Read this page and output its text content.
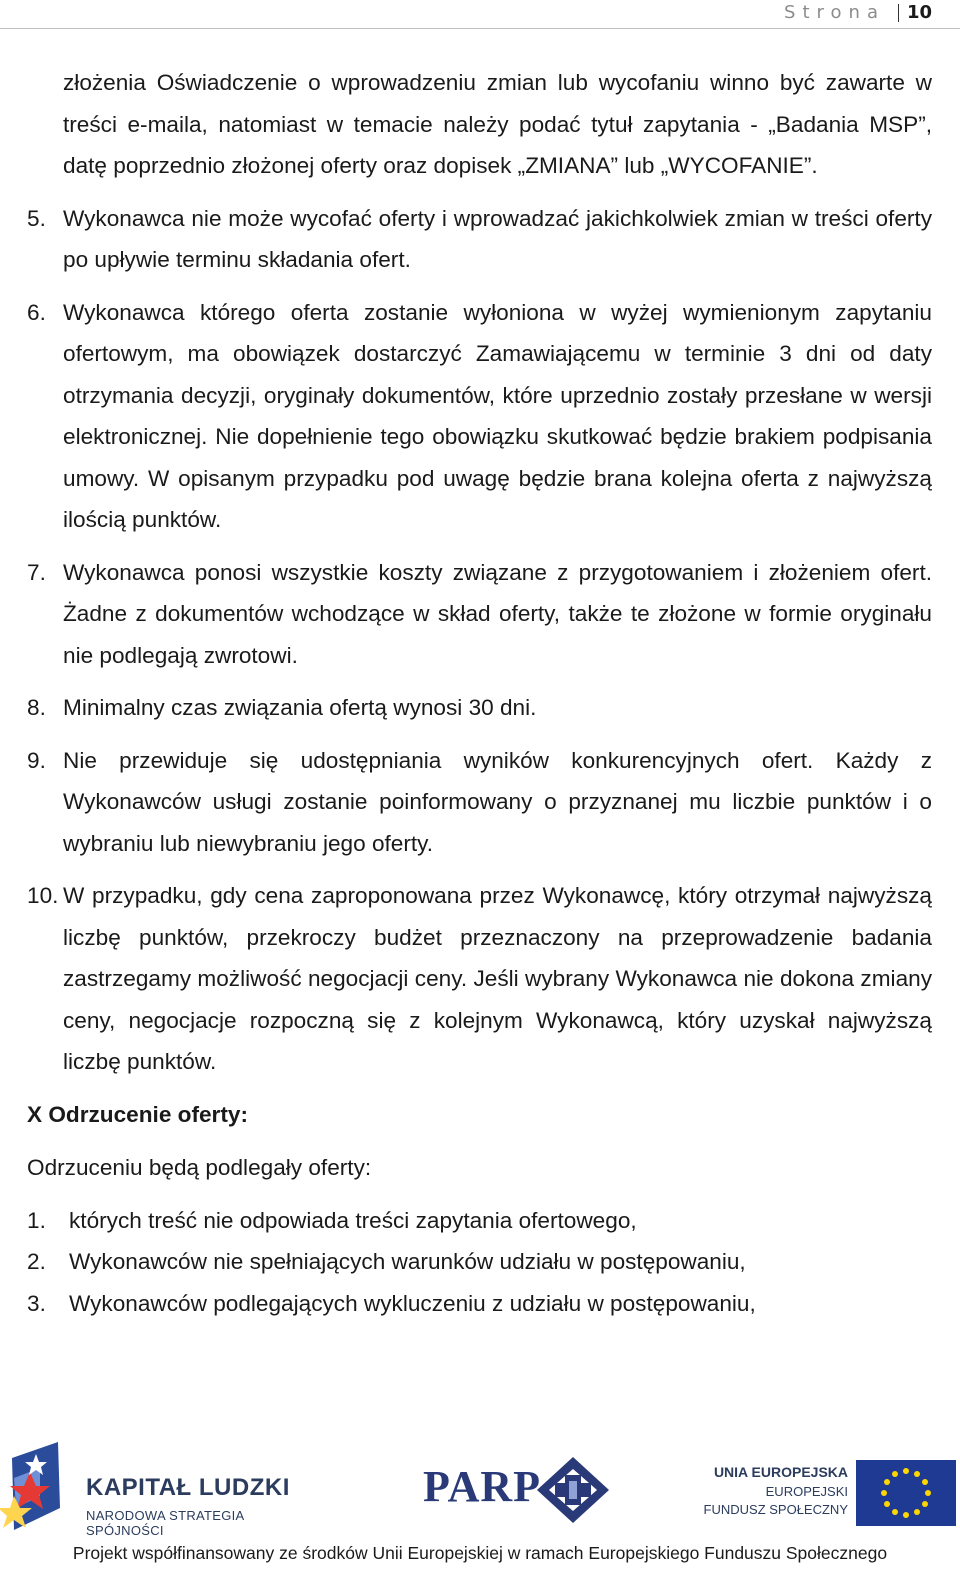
Strona 10

złożenia Oświadczenie o wprowadzeniu zmian lub wycofaniu winno być zawarte w treści e-maila, natomiast w temacie należy podać tytuł zapytania - „Badania MSP”, datę poprzednio złożonej oferty oraz dopisek „ZMIANA” lub „WYCOFANIE”.

5. Wykonawca nie może wycofać oferty i wprowadzać jakichkolwiek zmian w treści oferty po upływie terminu składania ofert.
6. Wykonawca którego oferta zostanie wyłoniona w wyżej wymienionym zapytaniu ofertowym, ma obowiązek dostarczyć Zamawiającemu w terminie 3 dni od daty otrzymania decyzji, oryginały dokumentów, które uprzednio zostały przesłane w wersji elektronicznej. Nie dopełnienie tego obowiązku skutkować będzie brakiem podpisania umowy. W opisanym przypadku pod uwagę będzie brana kolejna oferta z najwyższą ilością punktów.
7. Wykonawca ponosi wszystkie koszty związane z przygotowaniem i złożeniem ofert. Żadne z dokumentów wchodzące w skład oferty, także te złożone w formie oryginału nie podlegają zwrotowi.
8. Minimalny czas związania ofertą wynosi 30 dni.
9. Nie przewiduje się udostępniania wyników konkurencyjnych ofert. Każdy z Wykonawców usługi zostanie poinformowany o przyznanej mu liczbie punktów i o wybraniu lub niewybraniu jego oferty.
10. W przypadku, gdy cena zaproponowana przez Wykonawcę, który otrzymał najwyższą liczbę punktów, przekroczy budżet przeznaczony na przeprowadzenie badania zastrzegamy możliwość negocjacji ceny. Jeśli wybrany Wykonawca nie dokona zmiany ceny, negocjacje rozpoczną się z kolejnym Wykonawcą, który uzyskał najwyższą liczbę punktów.
X Odrzucenie oferty:
Odrzuceniu będą podlegały oferty:
1.	których treść nie odpowiada treści zapytania ofertowego,
2.	Wykonawców nie spełniających warunków udziału w postępowaniu,
3.	Wykonawców podlegających wykluczeniu z udziału w postępowaniu,
KAPITAŁ LUDZKI
NARODOWA STRATEGIA SPÓJNOŚCI
PARP	UNIA EUROPEJSKA
EUROPEJSKI
FUNDUSZ SPOŁECZNY
Projekt współfinansowany ze środków Unii Europejskiej w ramach Europejskiego Funduszu Społecznego
